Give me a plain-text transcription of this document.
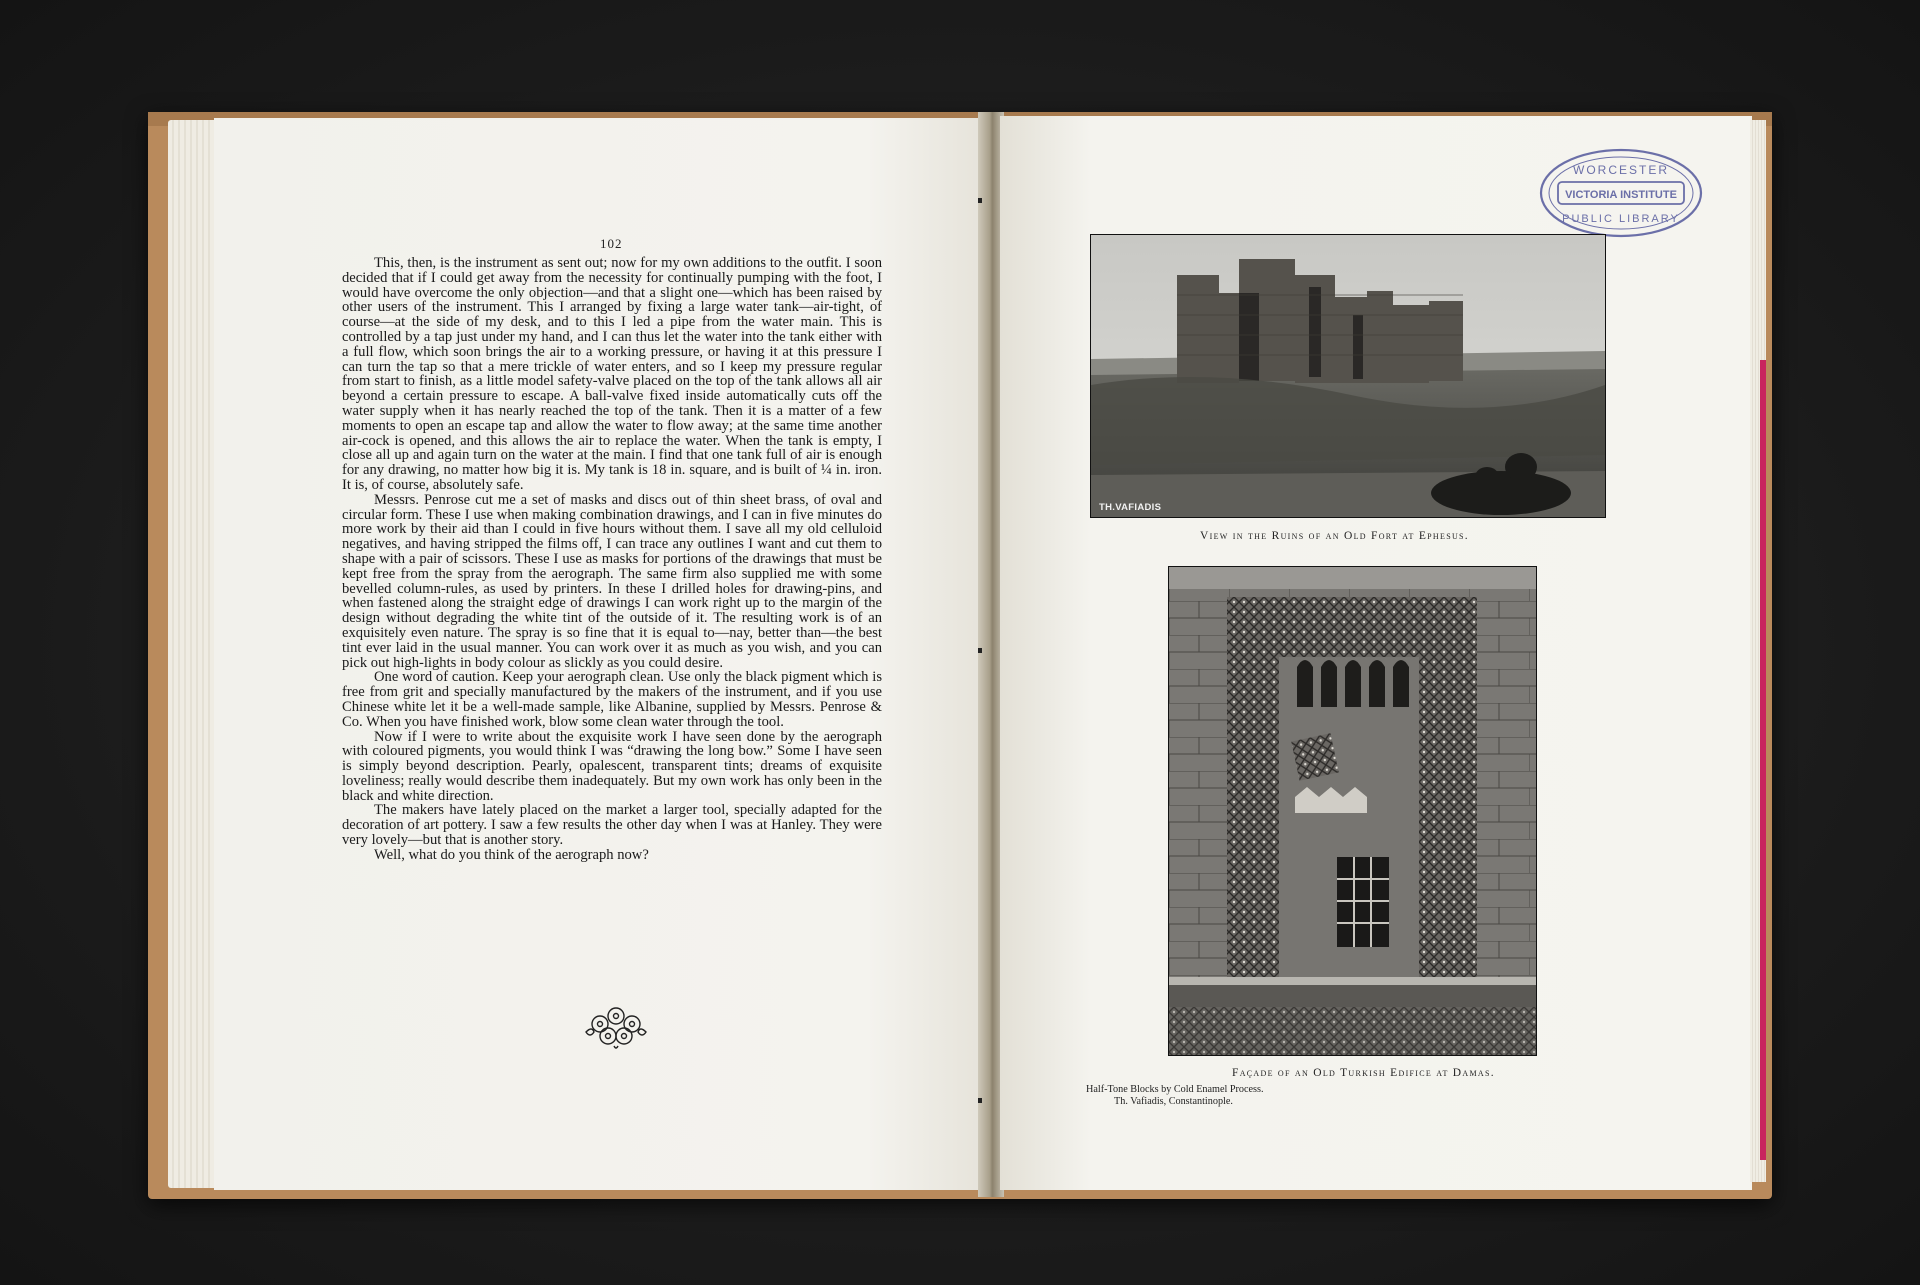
102

This, then, is the instrument as sent out; now for my own additions to the outfit. I soon decided that if I could get away from the necessity for continually pumping with the foot, I would have overcome the only objection—and that a slight one—which has been raised by other users of the instrument. This I arranged by fixing a large water tank—air-tight, of course—at the side of my desk, and to this I led a pipe from the water main. This is controlled by a tap just under my hand, and I can thus let the water into the tank either with a full flow, which soon brings the air to a working pressure, or having it at this pressure I can turn the tap so that a mere trickle of water enters, and so I keep my pressure regular from start to finish, as a little model safety-valve placed on the top of the tank allows all air beyond a certain pressure to escape. A ball-valve fixed inside automatically cuts off the water supply when it has nearly reached the top of the tank. Then it is a matter of a few moments to open an escape tap and allow the water to flow away; at the same time another air-cock is opened, and this allows the air to replace the water. When the tank is empty, I close all up and again turn on the water at the main. I find that one tank full of air is enough for any drawing, no matter how big it is. My tank is 18 in. square, and is built of ¼ in. iron. It is, of course, absolutely safe.

Messrs. Penrose cut me a set of masks and discs out of thin sheet brass, of oval and circular form. These I use when making combination drawings, and I can in five minutes do more work by their aid than I could in five hours without them. I save all my old celluloid negatives, and having stripped the films off, I can trace any outlines I want and cut them to shape with a pair of scissors. These I use as masks for portions of the drawings that must be kept free from the spray from the aerograph. The same firm also supplied me with some bevelled column-rules, as used by printers. In these I drilled holes for drawing-pins, and when fastened along the straight edge of drawings I can work right up to the margin of the design without degrading the white tint of the outside of it. The resulting work is of an exquisitely even nature. The spray is so fine that it is equal to—nay, better than—the best tint ever laid in the usual manner. You can work over it as much as you wish, and you can pick out high-lights in body colour as slickly as you could desire.

One word of caution. Keep your aerograph clean. Use only the black pigment which is free from grit and specially manufactured by the makers of the instrument, and if you use Chinese white let it be a well-made sample, like Albanine, supplied by Messrs. Penrose & Co. When you have finished work, blow some clean water through the tool.

Now if I were to write about the exquisite work I have seen done by the aerograph with coloured pigments, you would think I was “drawing the long bow.” Some I have seen is simply beyond description. Pearly, opalescent, transparent tints; dreams of exquisite loveliness; really would describe them inadequately. But my own work has only been in the black and white direction.

The makers have lately placed on the market a larger tool, specially adapted for the decoration of art pottery. I saw a few results the other day when I was at Hanley. They were very lovely—but that is another story.

Well, what do you think of the aerograph now?

WORCESTER
VICTORIA INSTITUTE
PUBLIC LIBRARY
TH.VAFIADIS
View in the Ruins of an Old Fort at Ephesus.
Façade of an Old Turkish Edifice at Damas.
Half-Tone Blocks by Cold Enamel Process.
Th. Vafiadis, Constantinople.
